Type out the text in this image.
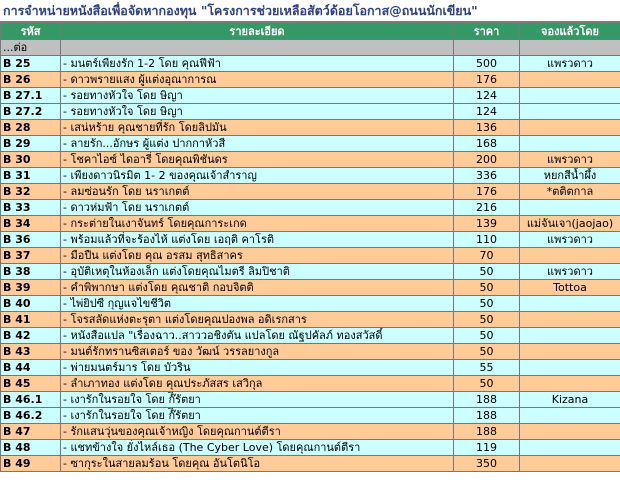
การจำหน่ายหนังสือเพื่อจัดหากองทุน "โครงการช่วยเหลือสัตว์ด้อยโอกาส@ถนนนักเขียน"
รหัส	รายละเอียด	ราคา	จองแล้วโดย
...ต่อ			
B 25	- มนตร์เพียงรัก 1-2 โดย คุณฟีฟ้า	500	แพรวดาว
B 26	- ดาวพรายแสง ผู้แต่งอุณาการณ	176	
B 27.1	- รอยทางหัวใจ โดย ษิญา	124	
B 27.2	- รอยทางหัวใจ โดย ษิญา	124	
B 28	- เสน่หร้าย คุณชายที่รัก โดยลิปมัน	136	
B 29	- ลายรัก...อักษร ผู้แต่ง ปากกาหัวสี	168	
B 30	- โชคาไอซ์ ไดอารี่ โดยคุณพิชันดร	200	แพรวดาว
B 31	- เพียงดาวนิรมิต 1- 2 ของคุณเจ้าสำราญ	336	หยกสีน้ำผึ้ง
B 32	- ลมซ่อนรัก โดย นราเกตต์	176	*ตติตกาล
B 33	- ดาวห่มฟ้า โดย นราเกตต์	216	
B 34	- กระต่ายในเงาจันทร์ โดยคุณการะเกด	139	แม่จันเจา(jaojao)
B 36	- พร้อมแล้วที่จะร้องไห้ แต่งโดย เอฤติ คาโรติ	110	แพรวดาว
B 37	- มือปืน แต่งโดย คุณ อรสม สุทธิสาคร	70	
B 38	- อุบัติเหตุในห้องเล็ก แต่งโดยคุณไมตรี ลิมปิชาติ	50	แพรวดาว
B 39	- คำพิพากษา แต่งโดย คุณชาติ กอบจิตติ	50	Tottoa
B 40	- ไพ่ยิปซี กุญแจไขชีวิต	50	
B 41	- โจรสลัดแห่งตะรุตา แต่งโดยคุณปองพล อดิเรกสาร	50	
B 42	- หนังสือแปล "เรื่องฉาว..สาววอชิงตัน แปลโดย ณัฐปคัลภ์ ทองสวัสดิ์	50	
B 43	- มนต์รักทรานซิสเตอร์ ของ วัฒน์ วรรลยางกูล	50	
B 44	- พ่ายมนตร์มาร โดย บัวริน	55	
B 45	- ลำเภาทอง แต่งโดย คุณประภัสสร เสวิกุล	50	
B 46.1	- เงารักในรอยใจ โดย ก๊ิรัตยา	188	Kizana
B 46.2	- เงารักในรอยใจ โดย ก๊ิรัตยา	188	
B 47	- รักแสนวุ่นของคุณเจ้าหญิง โดยคุณกานต์ตีรา	188	
B 48	- แชทข้างใจ ยั่งไหล์เธอ (The Cyber Love) โดยคุณกานต์ตีรา	119	
B 49	- ซากุระในสายลมร้อน โดยคุณ อันโตนิโอ	350	
